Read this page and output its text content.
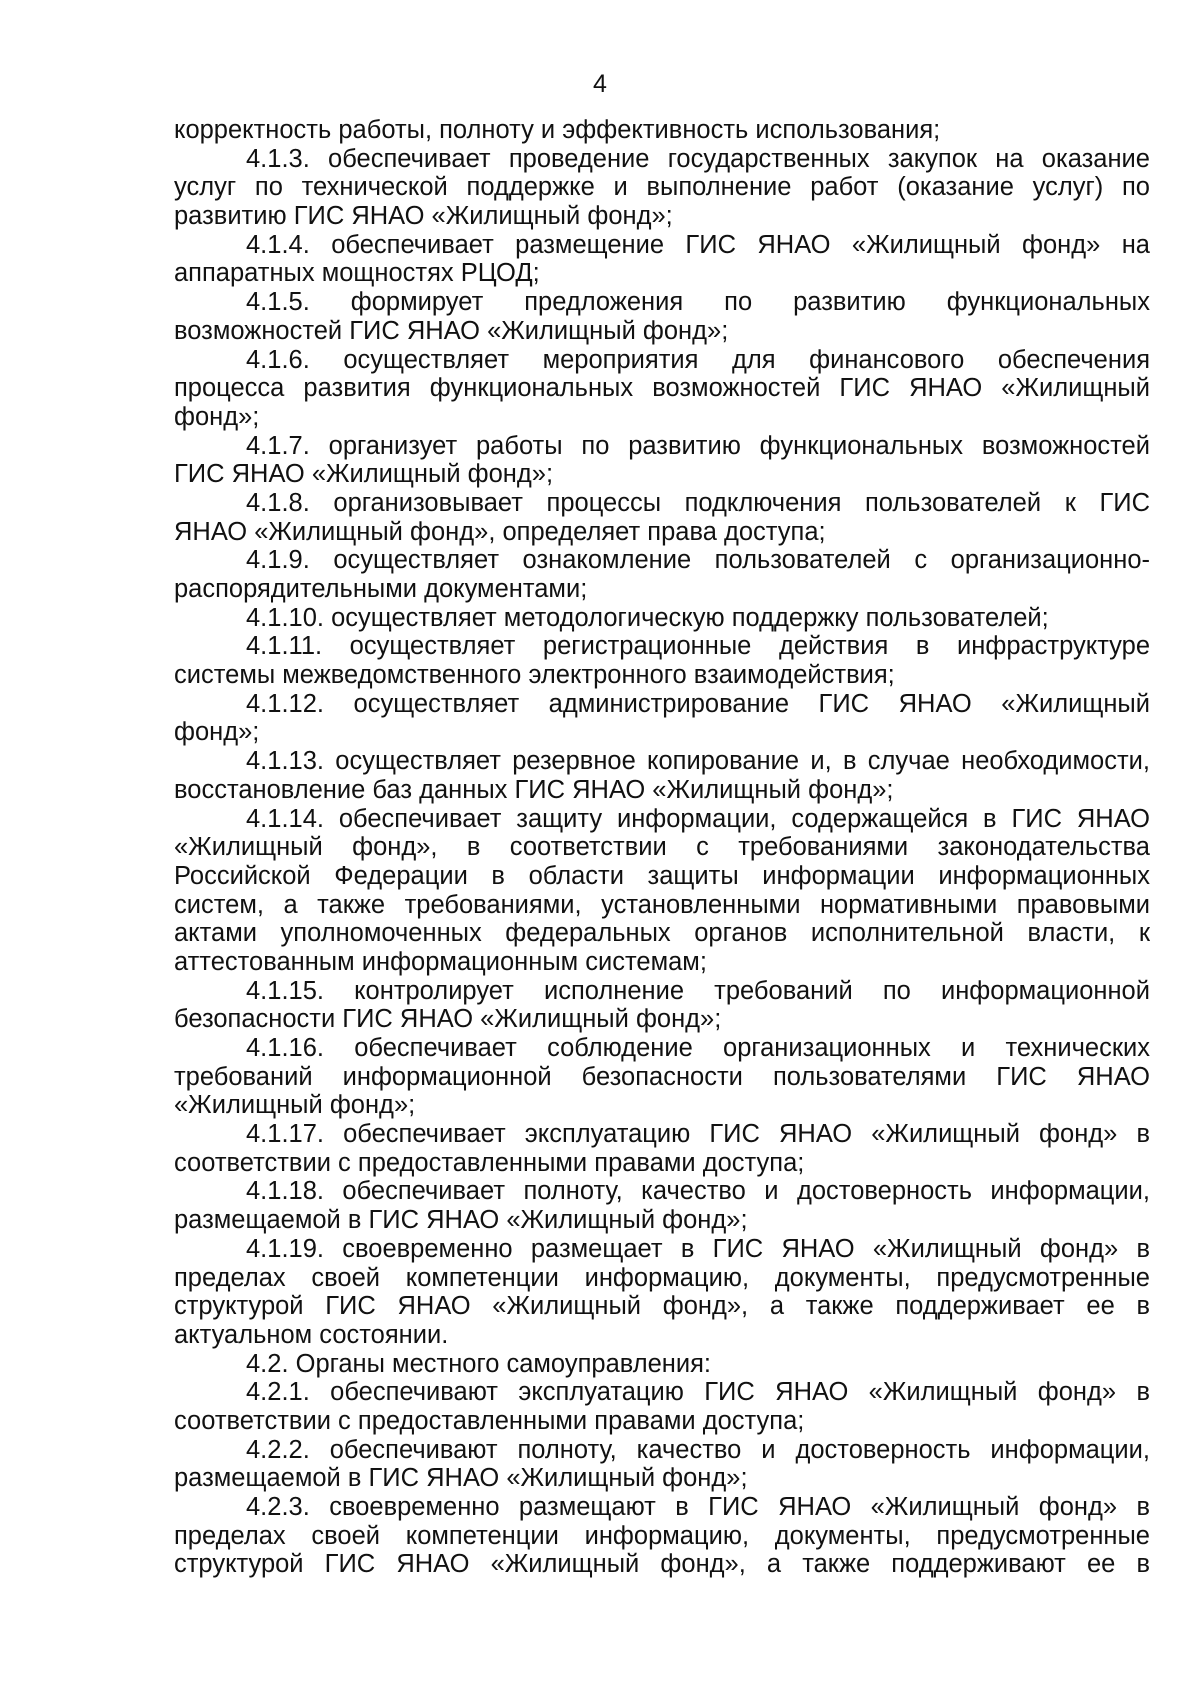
4
корректность работы, полноту и эффективность использования;
4.1.3. обеспечивает проведение государственных закупок на оказание
услуг по технической поддержке и выполнение работ (оказание услуг) по
развитию ГИС ЯНАО «Жилищный фонд»;
4.1.4. обеспечивает размещение ГИС ЯНАО «Жилищный фонд» на
аппаратных мощностях РЦОД;
4.1.5. формирует предложения по развитию функциональных
возможностей ГИС ЯНАО «Жилищный фонд»;
4.1.6. осуществляет мероприятия для финансового обеспечения
процесса развития функциональных возможностей ГИС ЯНАО «Жилищный
фонд»;
4.1.7. организует работы по развитию функциональных возможностей
ГИС ЯНАО «Жилищный фонд»;
4.1.8. организовывает процессы подключения пользователей к ГИС
ЯНАО «Жилищный фонд», определяет права доступа;
4.1.9. осуществляет ознакомление пользователей с организационно-
распорядительными документами;
4.1.10. осуществляет методологическую поддержку пользователей;
4.1.11. осуществляет регистрационные действия в инфраструктуре
системы межведомственного электронного взаимодействия;
4.1.12. осуществляет администрирование ГИС ЯНАО «Жилищный
фонд»;
4.1.13. осуществляет резервное копирование и, в случае необходимости,
восстановление баз данных ГИС ЯНАО «Жилищный фонд»;
4.1.14. обеспечивает защиту информации, содержащейся в ГИС ЯНАО
«Жилищный фонд», в соответствии с требованиями законодательства
Российской Федерации в области защиты информации информационных
систем, а также требованиями, установленными нормативными правовыми
актами уполномоченных федеральных органов исполнительной власти, к
аттестованным информационным системам;
4.1.15. контролирует исполнение требований по информационной
безопасности ГИС ЯНАО «Жилищный фонд»;
4.1.16. обеспечивает соблюдение организационных и технических
требований информационной безопасности пользователями ГИС ЯНАО
«Жилищный фонд»;
4.1.17. обеспечивает эксплуатацию ГИС ЯНАО «Жилищный фонд» в
соответствии с предоставленными правами доступа;
4.1.18. обеспечивает полноту, качество и достоверность информации,
размещаемой в ГИС ЯНАО «Жилищный фонд»;
4.1.19. своевременно размещает в ГИС ЯНАО «Жилищный фонд» в
пределах своей компетенции информацию, документы, предусмотренные
структурой ГИС ЯНАО «Жилищный фонд», а также поддерживает ее в
актуальном состоянии.
4.2. Органы местного самоуправления:
4.2.1. обеспечивают эксплуатацию ГИС ЯНАО «Жилищный фонд» в
соответствии с предоставленными правами доступа;
4.2.2. обеспечивают полноту, качество и достоверность информации,
размещаемой в ГИС ЯНАО «Жилищный фонд»;
4.2.3. своевременно размещают в ГИС ЯНАО «Жилищный фонд» в
пределах своей компетенции информацию, документы, предусмотренные
структурой ГИС ЯНАО «Жилищный фонд», а также поддерживают ее в
